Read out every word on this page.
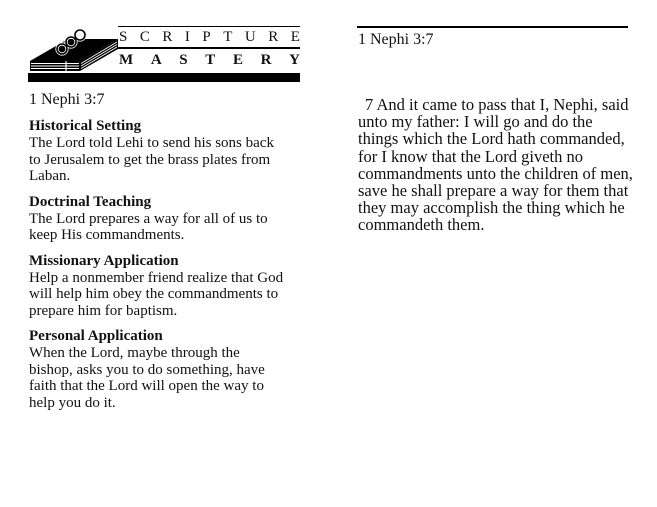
S C R I P T U R E
M A S T E R Y
1 Nephi 3:7
Historical Setting
The Lord told Lehi to send his sons back to Jerusalem to get the brass plates from Laban.
Doctrinal Teaching
The Lord prepares a way for all of us to keep His commandments.
Missionary Application
Help a nonmember friend realize that God will help him obey the commandments to prepare him for baptism.
Personal Application
When the Lord, maybe through the bishop, asks you to do something, have faith that the Lord will open the way to help you do it.
1 Nephi 3:7
7 And it came to pass that I, Nephi, said unto my father: I will go and do the things which the Lord hath commanded, for I know that the Lord giveth no commandments unto the children of men, save he shall prepare a way for them that they may accomplish the thing which he commandeth them.
